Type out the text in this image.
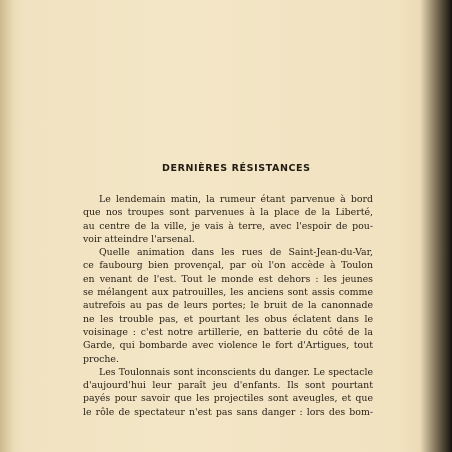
DERNIÈRES RÉSISTANCES
Le lendemain matin, la rumeur étant parvenue à bord
que nos troupes sont parvenues à la place de la Liberté,
au centre de la ville, je vais à terre, avec l'espoir de pou-
voir atteindre l'arsenal.
Quelle animation dans les rues de Saint-Jean-du-Var,
ce faubourg bien provençal, par où l'on accède à Toulon
en venant de l'est. Tout le monde est dehors : les jeunes
se mélangent aux patrouilles, les anciens sont assis comme
autrefois au pas de leurs portes; le bruit de la canonnade
ne les trouble pas, et pourtant les obus éclatent dans le
voisinage : c'est notre artillerie, en batterie du côté de la
Garde, qui bombarde avec violence le fort d'Artigues, tout
proche.
Les Toulonnais sont inconscients du danger. Le spectacle
d'aujourd'hui leur paraît jeu d'enfants. Ils sont pourtant
payés pour savoir que les projectiles sont aveugles, et que
le rôle de spectateur n'est pas sans danger : lors des bom-
